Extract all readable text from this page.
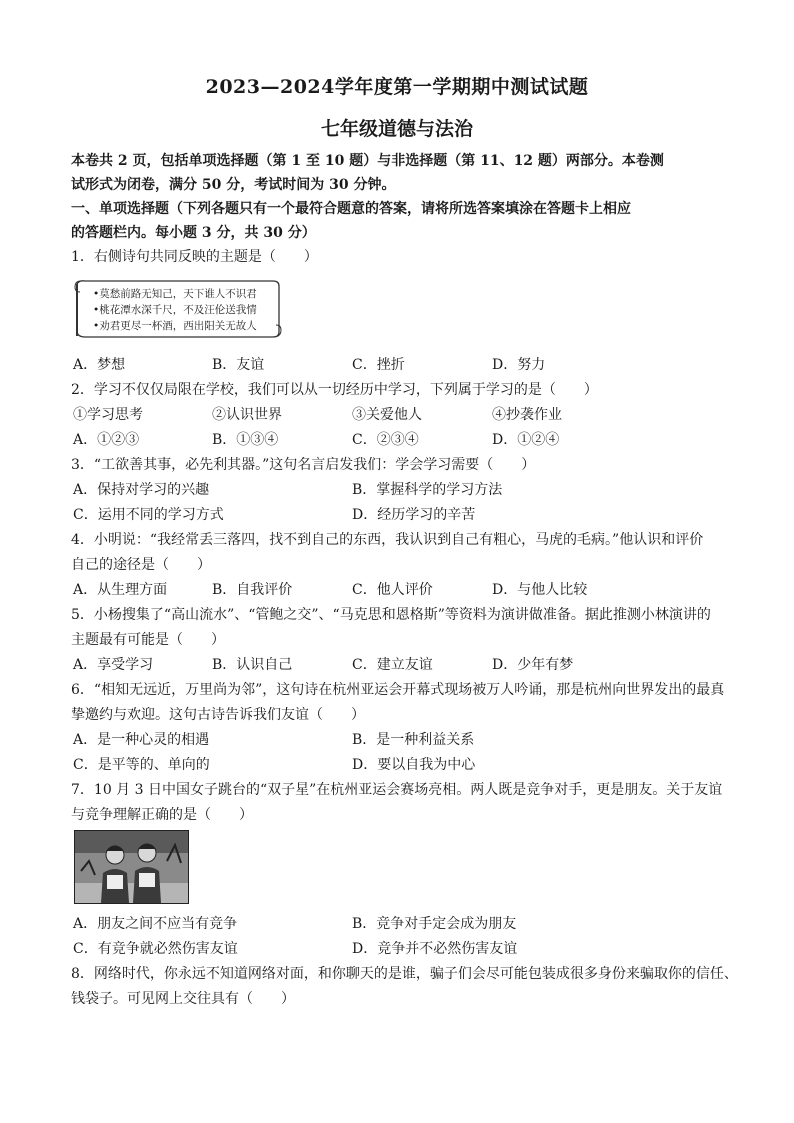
2023—2024学年度第一学期期中测试试题
七年级道德与法治
本卷共 2 页，包括单项选择题（第 1 至 10 题）与非选择题（第 11、12 题）两部分。本卷测
试形式为闭卷，满分 50 分，考试时间为 30 分钟。
一、单项选择题（下列各题只有一个最符合题意的答案，请将所选答案填涂在答题卡上相应
的答题栏内。每小题 3 分，共 30 分）
1．右侧诗句共同反映的主题是（　　）
•莫愁前路无知己，天下谁人不识君
•桃花潭水深千尺，不及汪伦送我情
•劝君更尽一杯酒，西出阳关无故人
A．梦想	B．友谊	C．挫折	D．努力
2．学习不仅仅局限在学校，我们可以从一切经历中学习，下列属于学习的是（　　）
①学习思考	②认识世界	③关爱他人	④抄袭作业
A．①②③	B．①③④	C．②③④	D．①②④
3．“工欲善其事，必先利其器。”这句名言启发我们：学会学习需要（　　）
A．保持对学习的兴趣	B．掌握科学的学习方法
C．运用不同的学习方式	D．经历学习的辛苦
4．小明说：“我经常丢三落四，找不到自己的东西，我认识到自己有粗心，马虎的毛病。”他认识和评价
自己的途径是（　　）
A．从生理方面	B．自我评价	C．他人评价	D．与他人比较
5．小杨搜集了“高山流水”、“管鲍之交”、“马克思和恩格斯”等资料为演讲做准备。据此推测小林演讲的
主题最有可能是（　　）
A．享受学习	B．认识自己	C．建立友谊	D．少年有梦
6．“相知无远近，万里尚为邻”，这句诗在杭州亚运会开幕式现场被万人吟诵，那是杭州向世界发出的最真
挚邀约与欢迎。这句古诗告诉我们友谊（　　）
A．是一种心灵的相遇	B．是一种利益关系
C．是平等的、单向的	D．要以自我为中心
7．10 月 3 日中国女子跳台的“双子星”在杭州亚运会赛场亮相。两人既是竞争对手，更是朋友。关于友谊
与竞争理解正确的是（　　）
A．朋友之间不应当有竞争	B．竞争对手定会成为朋友
C．有竞争就必然伤害友谊	D．竞争并不必然伤害友谊
8．网络时代，你永远不知道网络对面，和你聊天的是谁，骗子们会尽可能包装成很多身份来骗取你的信任、
钱袋子。可见网上交往具有（　　）
